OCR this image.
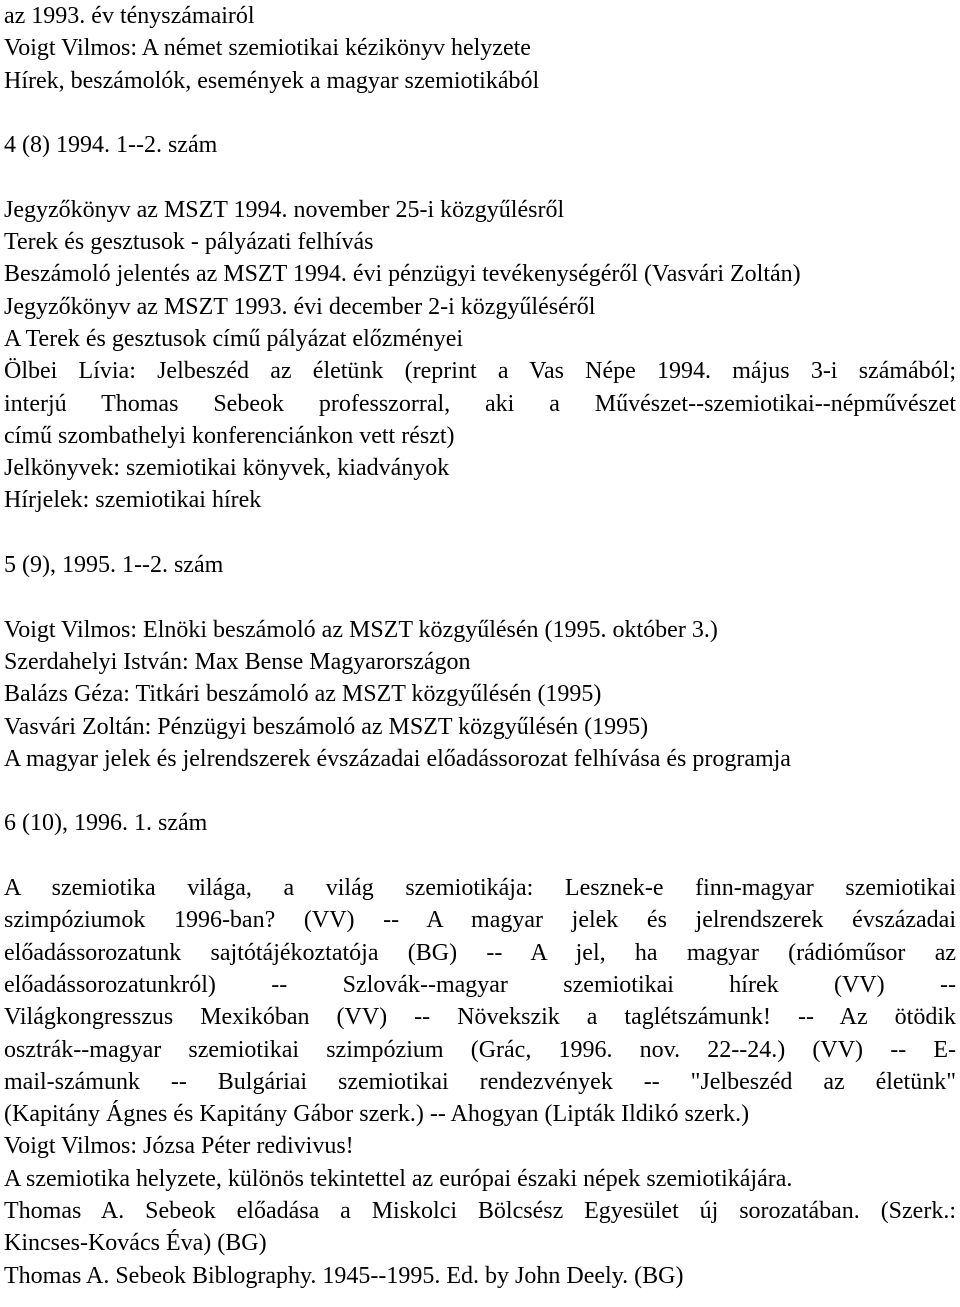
az 1993. év tényszámairól
Voigt Vilmos: A német szemiotikai kézikönyv helyzete
Hírek, beszámolók, események a magyar szemiotikából
4 (8) 1994. 1--2. szám
Jegyzőkönyv az MSZT 1994. november 25-i közgyűlésről
Terek és gesztusok - pályázati felhívás
Beszámoló jelentés az MSZT 1994. évi pénzügyi tevékenységéről (Vasvári Zoltán)
Jegyzőkönyv az MSZT 1993. évi december 2-i közgyűléséről
A Terek és gesztusok című pályázat előzményei
Ölbei Lívia: Jelbeszéd az életünk (reprint a Vas Népe 1994. május 3-i számából;
interjú Thomas Sebeok professzorral, aki a Művészet--szemiotikai--népművészet
című szombathelyi konferenciánkon vett részt)
Jelkönyvek: szemiotikai könyvek, kiadványok
Hírjelek: szemiotikai hírek
5 (9), 1995. 1--2. szám
Voigt Vilmos: Elnöki beszámoló az MSZT közgyűlésén (1995. október 3.)
Szerdahelyi István: Max Bense Magyarországon
Balázs Géza: Titkári beszámoló az MSZT közgyűlésén (1995)
Vasvári Zoltán: Pénzügyi beszámoló az MSZT közgyűlésén (1995)
A magyar jelek és jelrendszerek évszázadai előadássorozat felhívása és programja
6 (10), 1996. 1. szám
A szemiotika világa, a világ szemiotikája: Lesznek-e finn-magyar szemiotikai
szimpóziumok 1996-ban? (VV) -- A magyar jelek és jelrendszerek évszázadai
előadássorozatunk sajtótájékoztatója (BG) -- A jel, ha magyar (rádióműsor az
előadássorozatunkról) -- Szlovák--magyar szemiotikai hírek (VV) --
Világkongresszus Mexikóban (VV) -- Növekszik a taglétszámunk! -- Az ötödik
osztrák--magyar szemiotikai szimpózium (Grác, 1996. nov. 22--24.) (VV) -- E-
mail-számunk -- Bulgáriai szemiotikai rendezvények -- "Jelbeszéd az életünk"
(Kapitány Ágnes és Kapitány Gábor szerk.) -- Ahogyan (Lipták Ildikó szerk.)
Voigt Vilmos: Józsa Péter redivivus!
A szemiotika helyzete, különös tekintettel az európai északi népek szemiotikájára.
Thomas A. Sebeok előadása a Miskolci Bölcsész Egyesület új sorozatában. (Szerk.:
Kincses-Kovács Éva) (BG)
Thomas A. Sebeok Biblography. 1945--1995. Ed. by John Deely. (BG)
